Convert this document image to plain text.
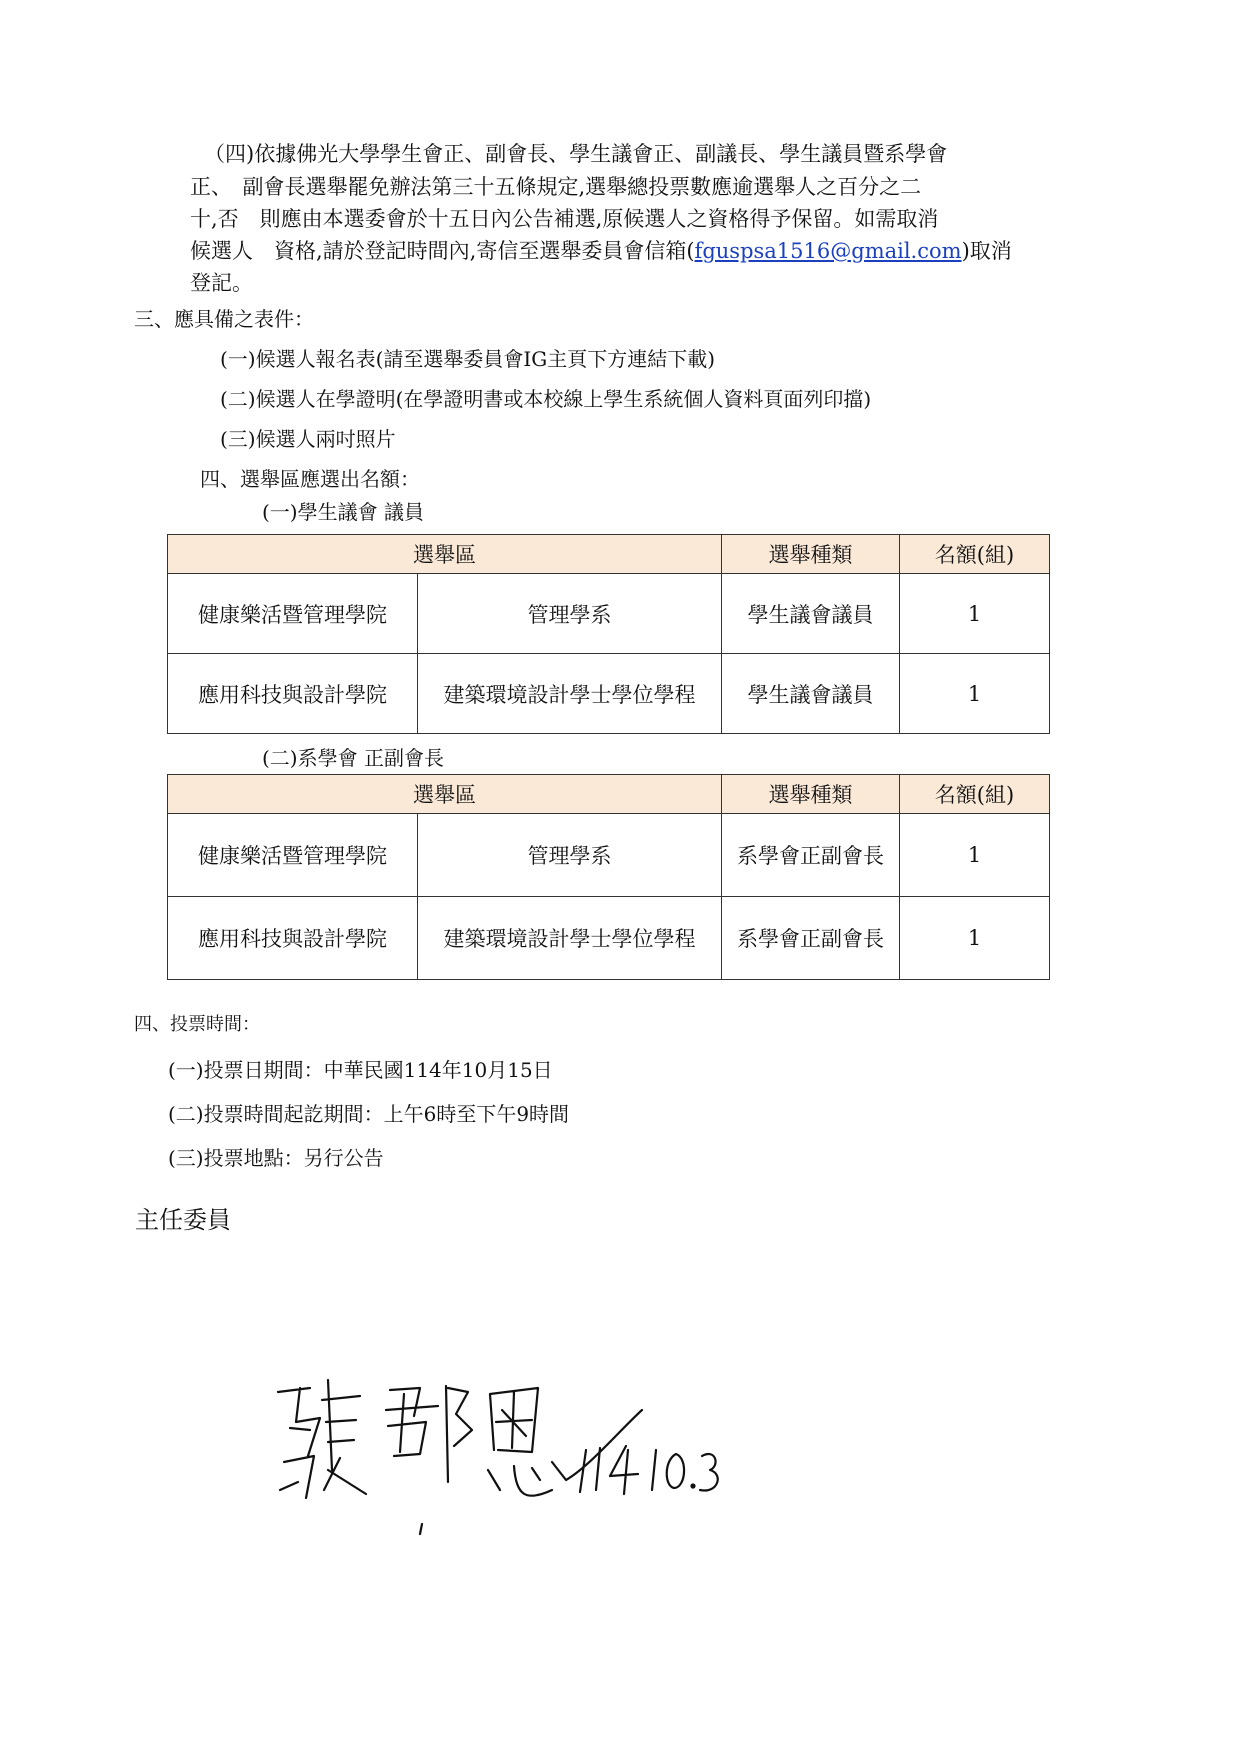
（四)依據佛光大學學生會正、副會長、學生議會正、副議長、學生議員暨系學會
正、　副會長選舉罷免辦法第三十五條規定,選舉總投票數應逾選舉人之百分之二
十,否　則應由本選委會於十五日內公告補選,原候選人之資格得予保留。如需取消
候選人　資格,請於登記時間內,寄信至選舉委員會信箱(fguspsa1516@gmail.com)取消
登記。
三、應具備之表件：
(一)候選人報名表(請至選舉委員會IG主頁下方連結下載)
(二)候選人在學證明(在學證明書或本校線上學生系統個人資料頁面列印擋)
(三)候選人兩吋照片
四、選舉區應選出名額：
(一)學生議會 議員
選舉區		選舉種類	名額(組)
健康樂活暨管理學院	管理學系	學生議會議員	1
應用科技與設計學院	建築環境設計學士學位學程	學生議會議員	1
(二)系學會 正副會長
選舉區		選舉種類	名額(組)
健康樂活暨管理學院	管理學系	系學會正副會長	1
應用科技與設計學院	建築環境設計學士學位學程	系學會正副會長	1
四、投票時間：
(一)投票日期間：中華民國114年10月15日
(二)投票時間起訖期間：上午6時至下午9時間
(三)投票地點：另行公告
主任委員
